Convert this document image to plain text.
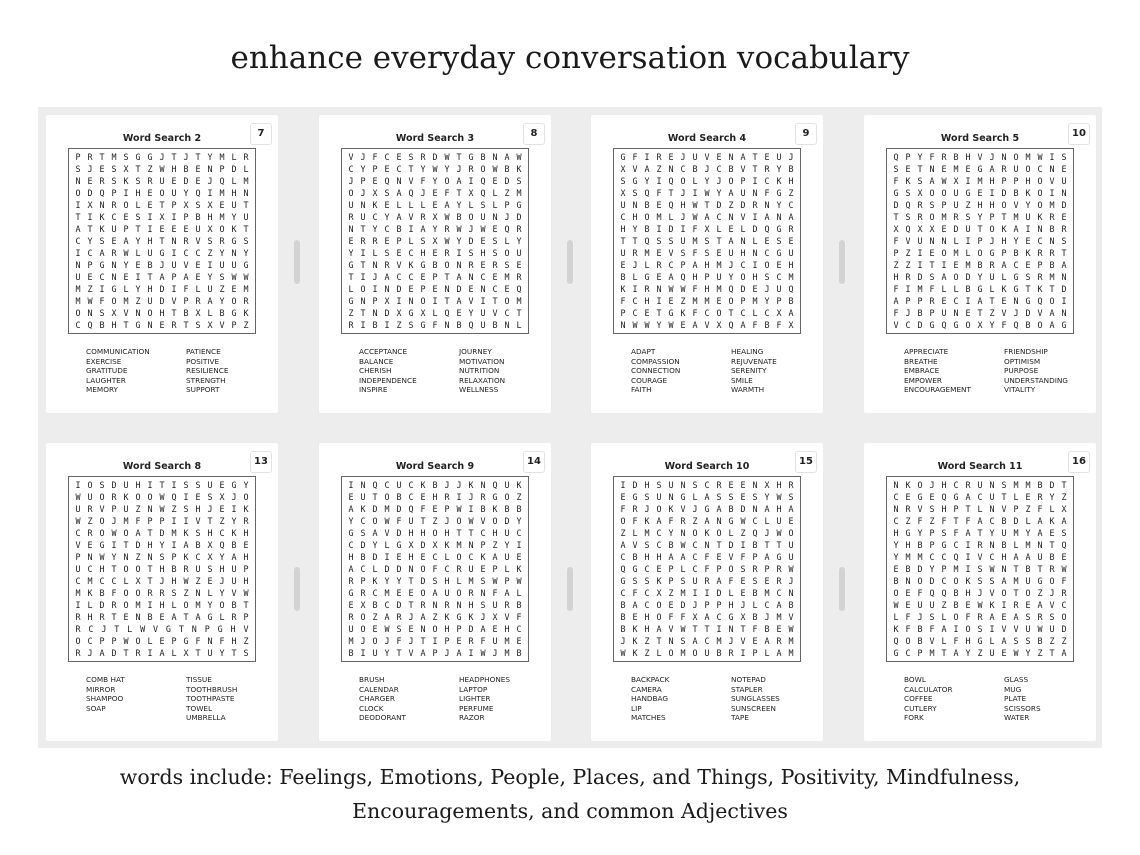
enhance everyday conversation vocabulary
Word Search 2	7
P R T M S G G J T J T Y M L R
S J E S X T Z W H B E N P D L
N E R S K S R U E D E J Q L M
O D Q P I H E O U Y Q I M H N
I X N R O L E T P X S X E U T
T I K C E S I X I P B H M Y U
A T K U P T I E E E U X O K T
C Y S E A Y H T N R V S R G S
I C A R W L U G I C C Z Y N Y
N P G N Y E B J U V E I U U G
U E C N E I T A P A E Y S W W
M Z I G L Y H D I F L U Z E M
M W F O M Z U D V P R A Y O R
O N S X V N O H T B X L B G K
C Q B H T G N E R T S X V P Z
COMMUNICATION
EXERCISE
GRATITUDE
LAUGHTER
MEMORY
PATIENCE
POSITIVE
RESILIENCE
STRENGTH
SUPPORT
Word Search 3	8
V J F C E S R D W T G B N A W
C Y P E C T Y W Y J R O W B K
J P E Q N V F Y O A I Q E D S
O J X S A Q J E F T X Q L Z M
U N K E L L L E A Y L S L P G
R U C Y A V R X W B O U N J D
N T Y C B I A Y R W J W E Q R
E R R E P L S X W Y D E S L Y
Y I L S E C H E R I S H S O U
G T N R V K G B O N R E R S E
T I J A C C E P T A N C E M R
L O I N D E P E N D E N C E Q
G N P X I N O I T A V I T O M
Z T N D X G X L Q E Y U V C T
R I B I Z S G F N B Q U B N L
ACCEPTANCE
BALANCE
CHERISH
INDEPENDENCE
INSPIRE
JOURNEY
MOTIVATION
NUTRITION
RELAXATION
WELLNESS
Word Search 4	9
G F I R E J U V E N A T E U J
X V A Z N C B J C B V T R Y B
S G Y I Q O L Y J O P I C K H
X S Q F T J I W Y A U N F G Z
U N B E Q H W T D Z D R N Y C
C H O M L J W A C N V I A N A
H Y B I D I F X L E L D Q G R
T T Q S S U M S T A N L E S E
U R M E V S F S E U H N C G U
E J L R C P A H M J C I O E H
B L G E A Q H P U Y O H S C M
K I R N W W F H M Q D E J U Q
F C H I E Z M M E O P M Y P B
P C E T G K F C O T C L C X A
N W W Y W E A V X Q A F B F X
ADAPT
COMPASSION
CONNECTION
COURAGE
FAITH
HEALING
REJUVENATE
SERENITY
SMILE
WARMTH
Word Search 5	10
Q P Y F R B H V J N O M W I S
S E T N E M E G A R U O C N E
F K S A W X I M H P P H O V U
G S X O O U G E I D B K O I N
D Q R S P U Z H H O V Y O M D
T S R O M R S Y P T M U K R E
X Q X X E D U T O K A I N B R
F V U N N L I P J H Y E C N S
P Z I E O M L O G P B K R R T
Z Z I T I E M B R A C E P B A
H R D S A O D Y U L G S R M N
F I M F L L B G L K G T K T D
A P P R E C I A T E N G Q O I
F J B P U N E T Z V J D V A N
V C D G Q G O X Y F Q B O A G
APPRECIATE
BREATHE
EMBRACE
EMPOWER
ENCOURAGEMENT
FRIENDSHIP
OPTIMISM
PURPOSE
UNDERSTANDING
VITALITY
Word Search 8	13
I O S D U H I T I S S U E G Y
W U O R K O O W Q I E S X J O
U R V P U Z N W Z S H J E I K
W Z O J M F P P I I V T Z Y R
C R O W O A T D M K S H C K H
V E G I T D H Y I A B X Q B E
P N W Y N Z N S P K C X Y A H
U C H T O O T H B R U S H U P
C M C C L X T J H W Z E J U H
M K B F O O R R S Z N L Y V W
I L D R O M I H L O M Y O B T
R H R T E N B E A T A G L R P
R C J T L W V G T N P G H V
O C P P W O L E P G F N F H Z
R J A D T R I A L X T U Y T S
COMB HAT
MIRROR
SHAMPOO
SOAP
TISSUE
TOOTHBRUSH
TOOTHPASTE
TOWEL
UMBRELLA
Word Search 9	14
I N Q C U C K B J J K N Q U K
E U T O B C E H R I J R G O Z
A K D M D Q F E P W I B K B B
Y C O W F U T Z J O W V O D Y
G S A V D H H O H T T C H U C
C D Y L G X D X K M N P Z Y I
H B D I E H E C L O C K A U E
A C L D D N O F C R U E P L K
R P K Y Y T D S H L M S W P W
G R C M E E O A U O R N F A L
E X B C D T R N R N H S U R B
R O Z A R J A Z K G K J X V F
U O E W S E N O H P D A E H C
M J O J F J T I P E R F U M E
B I U Y T V A P J A I W J M B
BRUSH
CALENDAR
CHARGER
CLOCK
DEODORANT
HEADPHONES
LAPTOP
LIGHTER
PERFUME
RAZOR
Word Search 10	15
I D H S U N S C R E E N X H R
E G S U N G L A S S E S Y W S
F R J O K V J G A B D N A H A
O F K A F R Z A N G W C L U E
Z L M C Y N O K O L Z Q J W O
A V S C B W C N T D I B T T U
C B H H A A C F E V F P A G U
Q G C E P L C F P O S R P R W
G S S K P S U R A F E S E R J
C F C X Z M I I D L E B M C N
B A C O E D J P P H J L C A B
B E H O F F X A C G X B J M V
B K H A V W T T I N T F B E W
J K Z T N S A C M J V E A R M
W K Z L O M O U B R I P L A M
BACKPACK
CAMERA
HANDBAG
LIP
MATCHES
NOTEPAD
STAPLER
SUNGLASSES
SUNSCREEN
TAPE
Word Search 11	16
N K O J H C R U N S M M B D T
C E G E Q G A C U T L E R Y Z
N R V S H P T L N V P Z F L X
C Z F Z F T F A C B D L A K A
H G Y P S F A T Y U M Y A E S
Y H B P G C I R N B L M N T Q
Y M M C C Q I V C H A A U B E
E B D Y P M I S W N T B T R W
B N O D C O K S S A M U G O F
O E F Q Q B H J V O T O Z J R
W E U U Z B E W K I R E A V C
L F J S L O F R A E A S R S O
K F B F A I O S I V V U W U D
Q O B V L F H G L A S S B Z Z
G C P M T A Y Z U E W Y Z T A
BOWL
CALCULATOR
COFFEE
CUTLERY
FORK
GLASS
MUG
PLATE
SCISSORS
WATER
words include: Feelings, Emotions, People, Places, and Things, Positivity, Mindfulness,
Encouragements, and common Adjectives
